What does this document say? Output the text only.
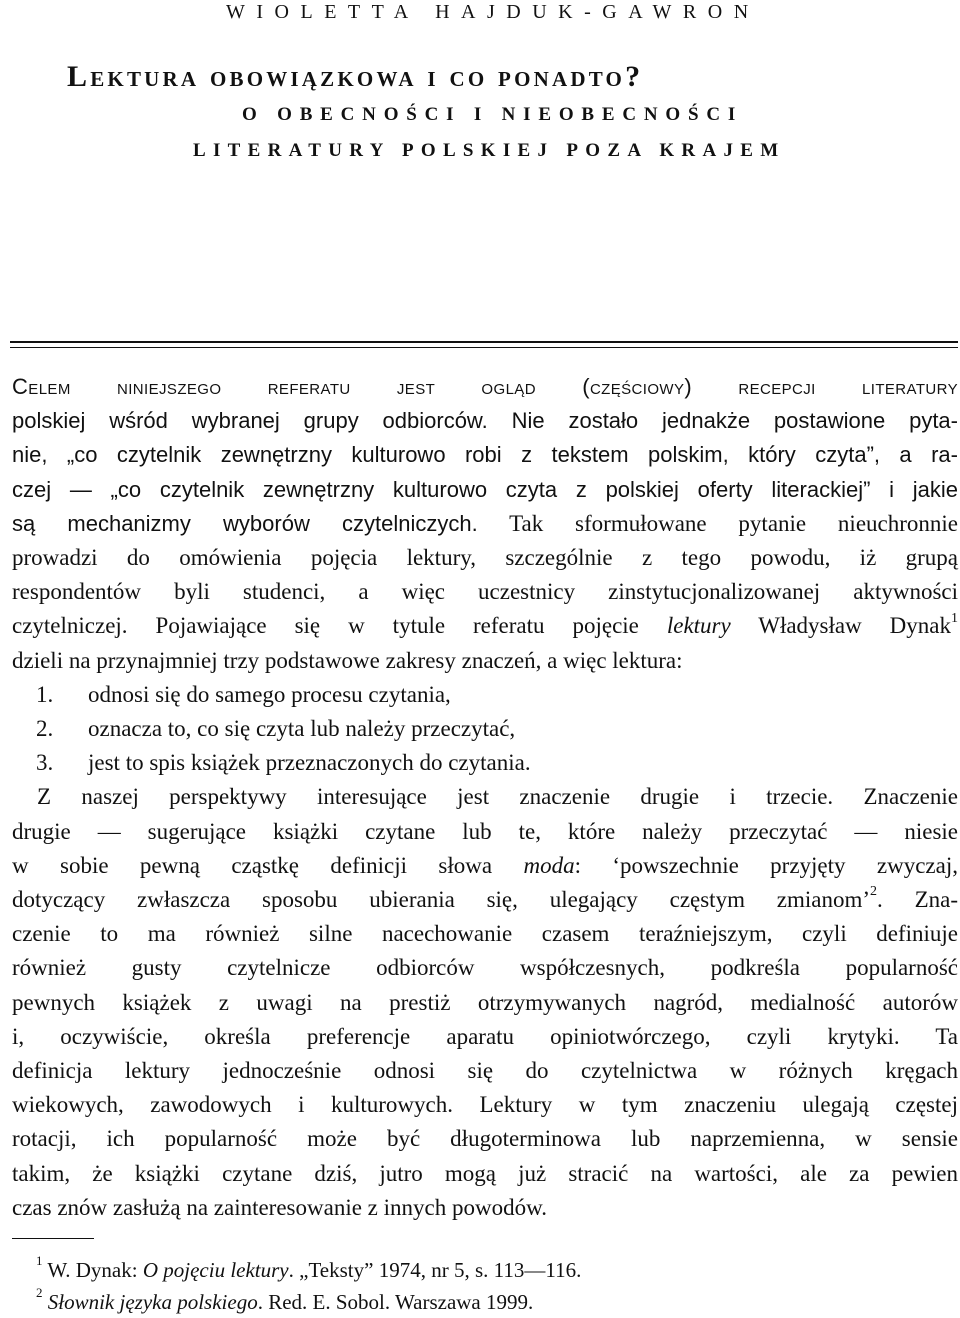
WIOLETTA HAJDUK-GAWRON
Lektura obowiązkowa i co ponadto?
O OBECNOŚCI I NIEOBECNOŚCI
LITERATURY POLSKIEJ POZA KRAJEM
Celem niniejszego referatu jest ogląd (częściowy) recepcji literatury
polskiej wśród wybranej grupy odbiorców. Nie zostało jednakże postawione pyta-
nie, „co czytelnik zewnętrzny kulturowo robi z tekstem polskim, który czyta”, a ra-
czej — „co czytelnik zewnętrzny kulturowo czyta z polskiej oferty literackiej” i jakie
są mechanizmy wyborów czytelniczych. Tak sformułowane pytanie nieuchronnie
prowadzi do omówienia pojęcia lektury, szczególnie z tego powodu, iż grupą
respondentów byli studenci, a więc uczestnicy zinstytucjonalizowanej aktywności
czytelniczej. Pojawiające się w tytule referatu pojęcie lektury Władysław Dynak$^1$
dzieli na przynajmniej trzy podstawowe zakresy znaczeń, a więc lektura:
1. odnosi się do samego procesu czytania,
2. oznacza to, co się czyta lub należy przeczytać,
3. jest to spis książek przeznaczonych do czytania.
Z naszej perspektywy interesujące jest znaczenie drugie i trzecie. Znaczenie
drugie — sugerujące książki czytane lub te, które należy przeczytać — niesie
w sobie pewną cząstkę definicji słowa moda: ‘powszechnie przyjęty zwyczaj,
dotyczący zwłaszcza sposobu ubierania się, ulegający częstym zmianom’$^2$. Zna-
czenie to ma również silne nacechowanie czasem teraźniejszym, czyli definiuje
również gusty czytelnicze odbiorców współczesnych, podkreśla popularność
pewnych książek z uwagi na prestiż otrzymywanych nagród, medialność autorów
i, oczywiście, określa preferencje aparatu opiniotwórczego, czyli krytyki. Ta
definicja lektury jednocześnie odnosi się do czytelnictwa w różnych kręgach
wiekowych, zawodowych i kulturowych. Lektury w tym znaczeniu ulegają częstej
rotacji, ich popularność może być długoterminowa lub naprzemienna, w sensie
takim, że książki czytane dziś, jutro mogą już stracić na wartości, ale za pewien
czas znów zasłużą na zainteresowanie z innych powodów.
$^1$ W. Dynak: O pojęciu lektury. „Teksty” 1974, nr 5, s. 113—116.
$^2$ Słownik języka polskiego. Red. E. Sobol. Warszawa 1999.
